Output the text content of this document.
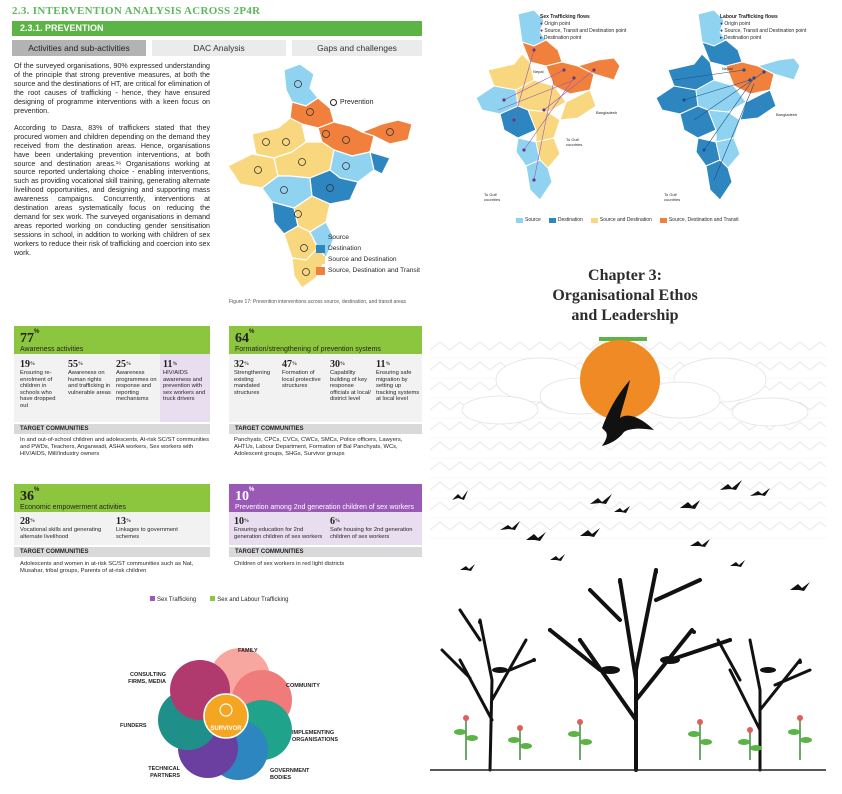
2.3. INTERVENTION ANALYSIS ACROSS 2P4R
2.3.1. PREVENTION
Activities and sub-activities	DAC Analysis	Gaps and challenges

Of the surveyed organisations, 90% expressed understanding of the principle that strong preventive measures, at both the source and the destinations of HT, are critical for elimination of the root causes of trafficking - hence, they have ensured designing of programme interventions with a keen focus on prevention.

According to Dasra, 83% of traffickers stated that they procured women and children depending on the demand they received from the destination areas. Hence, organisations have been undertaking prevention interventions, at both source and destination areas.¹⁶ Organisations working at source reported undertaking choice - enabling interventions, such as providing vocational skill training, generating alternate livelihood opportunities, and designing and supporting mass awareness campaigns. Concurrently, interventions at destination areas systematically focus on reducing the demand for sex work. The surveyed organisations in demand areas reported working on conducting gender sensitisation sessions in school, in addition to working with children of sex workers to reduce their risk of trafficking and coercion into sex work.

Prevention
Source
Destination
Source and Destination
Source, Destination and Transit
Figure 17: Prevention interventions across source, destination, and transit areas
77%
Awareness activities
19%
Ensuring re-enrolment of children in schools who have dropped out
55%
Awareness on human rights and trafficking in vulnerable areas
25%
Awareness programmes on response and reporting mechanisms
11%
HIV/AIDS awareness and prevention with sex workers and truck drivers
TARGET COMMUNITIES
In and out-of-school children and adolescents, At-risk SC/ST communities and PWDs, Teachers, Anganwadi, ASHA workers, Sex workers with HIV/AIDS, Mill/Industry owners
64%
Formation/strengthening of prevention systems
32%
Strengthening existing mandated structures
47%
Formation of local protective structures
30%
Capability building of key response officials at local/ district level
11%
Ensuring safe migration by setting up tracking systems at local level
TARGET COMMUNITIES
Panchyats, CPCs, CVCs, CWCs, SMCs, Police officers, Lawyers, AHTUs, Labour Department, Formation of Bal Panchyats, WCs, Adolescent groups, SHGs, Survivor groups
36%
Economic empowerment activities
28%
Vocational skills and generating alternate livelihood
13%
Linkages to government schemes
TARGET COMMUNITIES
Adolescents and women in at-risk SC/ST communities such as Nat, Musahar, tribal groups, Parents of at-risk children
10%
Prevention among 2nd generation children of sex workers
10%
Ensuring education for 2nd generation children of sex workers
6%
Safe housing for 2nd generation children of sex workers
TARGET COMMUNITIES
Children of sex workers in red light districts
Sex Trafficking	Sex and Labour Trafficking
SURVIVOR
FAMILY
COMMUNITY
IMPLEMENTING ORGANISATIONS
GOVERNMENT BODIES
TECHNICAL PARTNERS
FUNDERS
CONSULTING FIRMS, MEDIA
Sex Trafficking flows
● Origin point
● Source, Transit and Destination point
▸ Destination point
Nepal
Bangladesh
To Gulf countries
To Gulf countries
Labour Trafficking flows
● Origin point
● Source, Transit and Destination point
▸ Destination point
Nepal
Bangladesh
To Gulf countries
Source	Destination	Source and Destination	Source, Destination and Transit
Chapter 3:
Organisational Ethos
and Leadership
